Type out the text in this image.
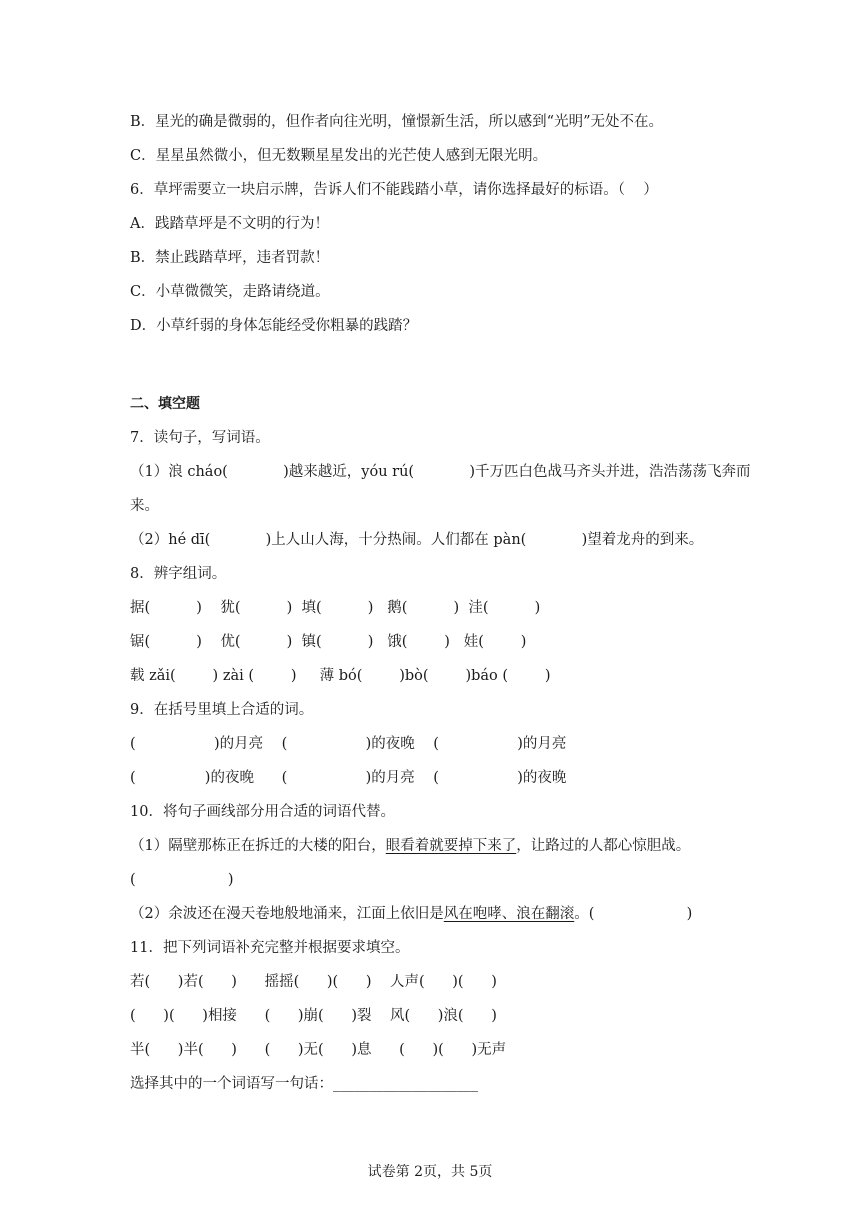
B．星光的确是微弱的，但作者向往光明，憧憬新生活，所以感到“光明”无处不在。
C．星星虽然微小，但无数颗星星发出的光芒使人感到无限光明。
6．草坪需要立一块启示牌，告诉人们不能践踏小草，请你选择最好的标语。（    ）
A．践踏草坪是不文明的行为！
B．禁止践踏草坪，违者罚款！
C．小草微微笑，走路请绕道。
D．小草纤弱的身体怎能经受你粗暴的践踏？
二、填空题
7．读句子，写词语。
（1）浪 cháo(            )越来越近，yóu rú(            )千万匹白色战马齐头并进，浩浩荡荡飞奔而
来。
（2）hé dī(            )上人山人海，十分热闹。人们都在 pàn(            )望着龙舟的到来。
8．辨字组词。
据(          )    犹(          )  填(          )   鹅(          )  洼(          )
锯(          )    优(          )  镇(          )   饿(        )   娃(        )
载 zǎi(        ) zài (        )     薄 bó(        )bò(        )báo (        )
9．在括号里填上合适的词。
(                 )的月亮    (                 )的夜晚    (                 )的月亮
(               )的夜晚      (                 )的月亮    (                 )的夜晚
10．将句子画线部分用合适的词语代替。
（1）隔壁那栋正在拆迁的大楼的阳台，眼看着就要掉下来了，让路过的人都心惊胆战。
(                    )
（2）余波还在漫天卷地般地涌来，江面上依旧是风在咆哮、浪在翻滚。(                    )
11．把下列词语补充完整并根据要求填空。
若(      )若(      )      摇摇(      )(      )    人声(      )(      )
(      )(      )相接      (      )崩(      )裂    风(      )浪(      )
半(      )半(      )      (      )无(      )息      (      )(      )无声
选择其中的一个词语写一句话：____________________
试卷第 2页，共 5页
